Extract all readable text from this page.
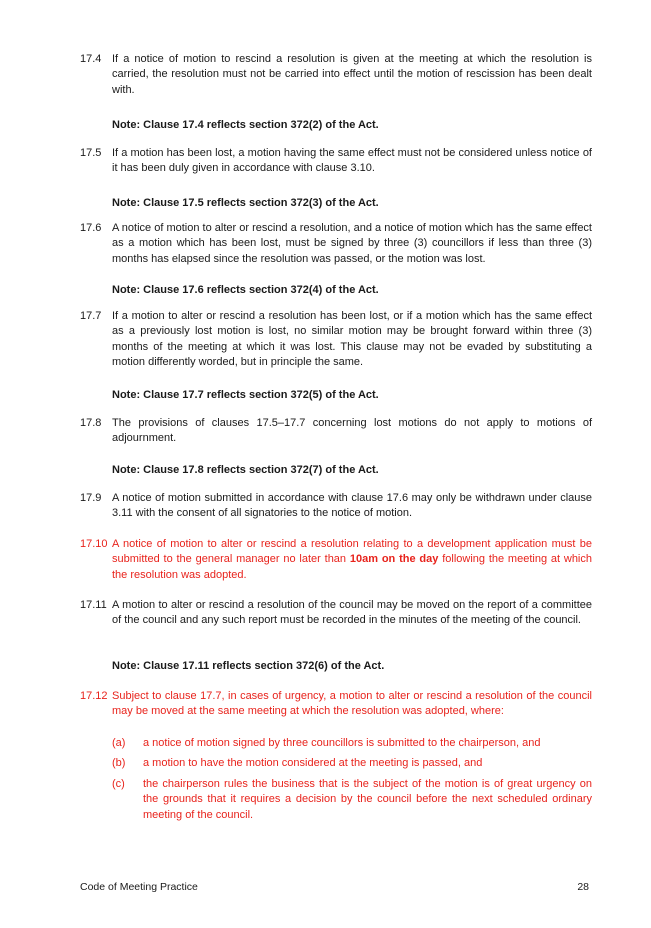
17.4 If a notice of motion to rescind a resolution is given at the meeting at which the resolution is carried, the resolution must not be carried into effect until the motion of rescission has been dealt with.
Note: Clause 17.4 reflects section 372(2) of the Act.
17.5 If a motion has been lost, a motion having the same effect must not be considered unless notice of it has been duly given in accordance with clause 3.10.
Note: Clause 17.5 reflects section 372(3) of the Act.
17.6 A notice of motion to alter or rescind a resolution, and a notice of motion which has the same effect as a motion which has been lost, must be signed by three (3) councillors if less than three (3) months has elapsed since the resolution was passed, or the motion was lost.
Note: Clause 17.6 reflects section 372(4) of the Act.
17.7 If a motion to alter or rescind a resolution has been lost, or if a motion which has the same effect as a previously lost motion is lost, no similar motion may be brought forward within three (3) months of the meeting at which it was lost. This clause may not be evaded by substituting a motion differently worded, but in principle the same.
Note: Clause 17.7 reflects section 372(5) of the Act.
17.8 The provisions of clauses 17.5–17.7 concerning lost motions do not apply to motions of adjournment.
Note: Clause 17.8 reflects section 372(7) of the Act.
17.9 A notice of motion submitted in accordance with clause 17.6 may only be withdrawn under clause 3.11 with the consent of all signatories to the notice of motion.
17.10 A notice of motion to alter or rescind a resolution relating to a development application must be submitted to the general manager no later than 10am on the day following the meeting at which the resolution was adopted.
17.11 A motion to alter or rescind a resolution of the council may be moved on the report of a committee of the council and any such report must be recorded in the minutes of the meeting of the council.
Note: Clause 17.11 reflects section 372(6) of the Act.
17.12 Subject to clause 17.7, in cases of urgency, a motion to alter or rescind a resolution of the council may be moved at the same meeting at which the resolution was adopted, where:
(a)	a notice of motion signed by three councillors is submitted to the chairperson, and
(b)	a motion to have the motion considered at the meeting is passed, and
(c)	the chairperson rules the business that is the subject of the motion is of great urgency on the grounds that it requires a decision by the council before the next scheduled ordinary meeting of the council.
Code of Meeting Practice	28
